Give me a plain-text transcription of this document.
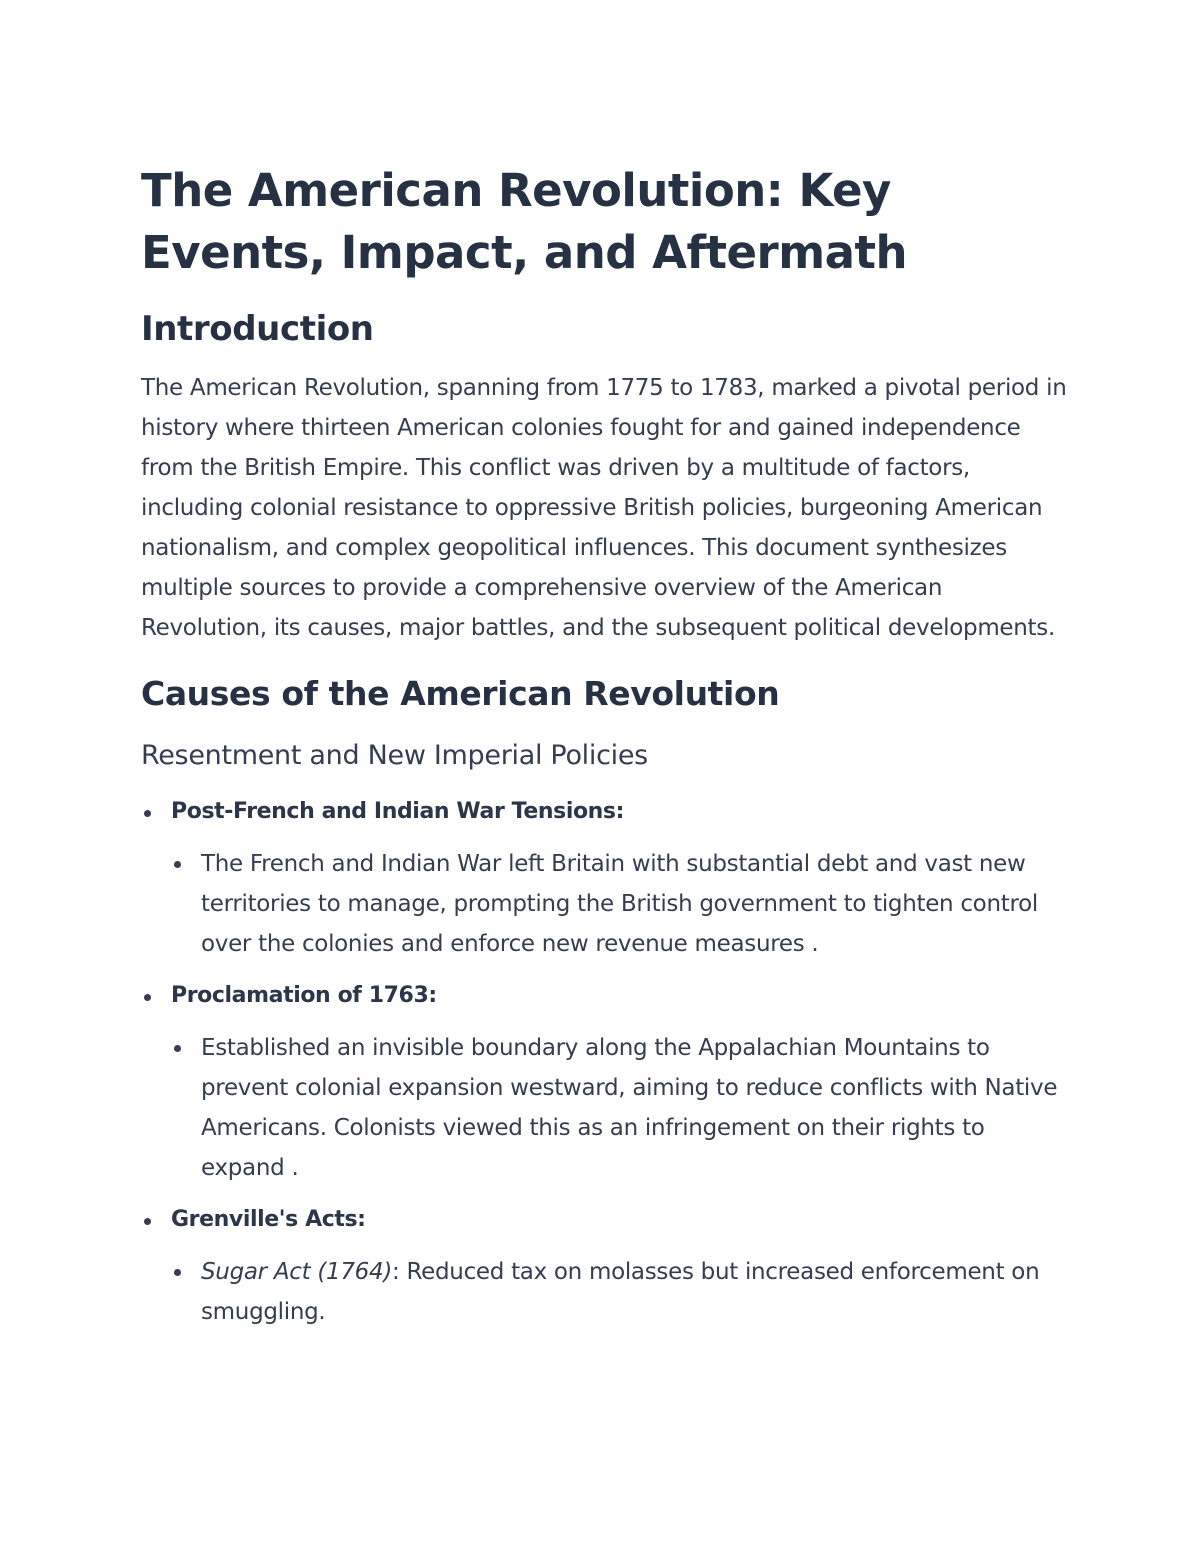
The American Revolution: Key Events, Impact, and Aftermath
Introduction

The American Revolution, spanning from 1775 to 1783, marked a pivotal period in history where thirteen American colonies fought for and gained independence from the British Empire. This conflict was driven by a multitude of factors, including colonial resistance to oppressive British policies, burgeoning American nationalism, and complex geopolitical influences. This document synthesizes multiple sources to provide a comprehensive overview of the American Revolution, its causes, major battles, and the subsequent political developments.

Causes of the American Revolution
Resentment and New Imperial Policies
Post-French and Indian War Tensions:
The French and Indian War left Britain with substantial debt and vast new territories to manage, prompting the British government to tighten control over the colonies and enforce new revenue measures .
Proclamation of 1763:
Established an invisible boundary along the Appalachian Mountains to prevent colonial expansion westward, aiming to reduce conflicts with Native Americans. Colonists viewed this as an infringement on their rights to expand .
Grenville's Acts:
Sugar Act (1764): Reduced tax on molasses but increased enforcement on smuggling.
